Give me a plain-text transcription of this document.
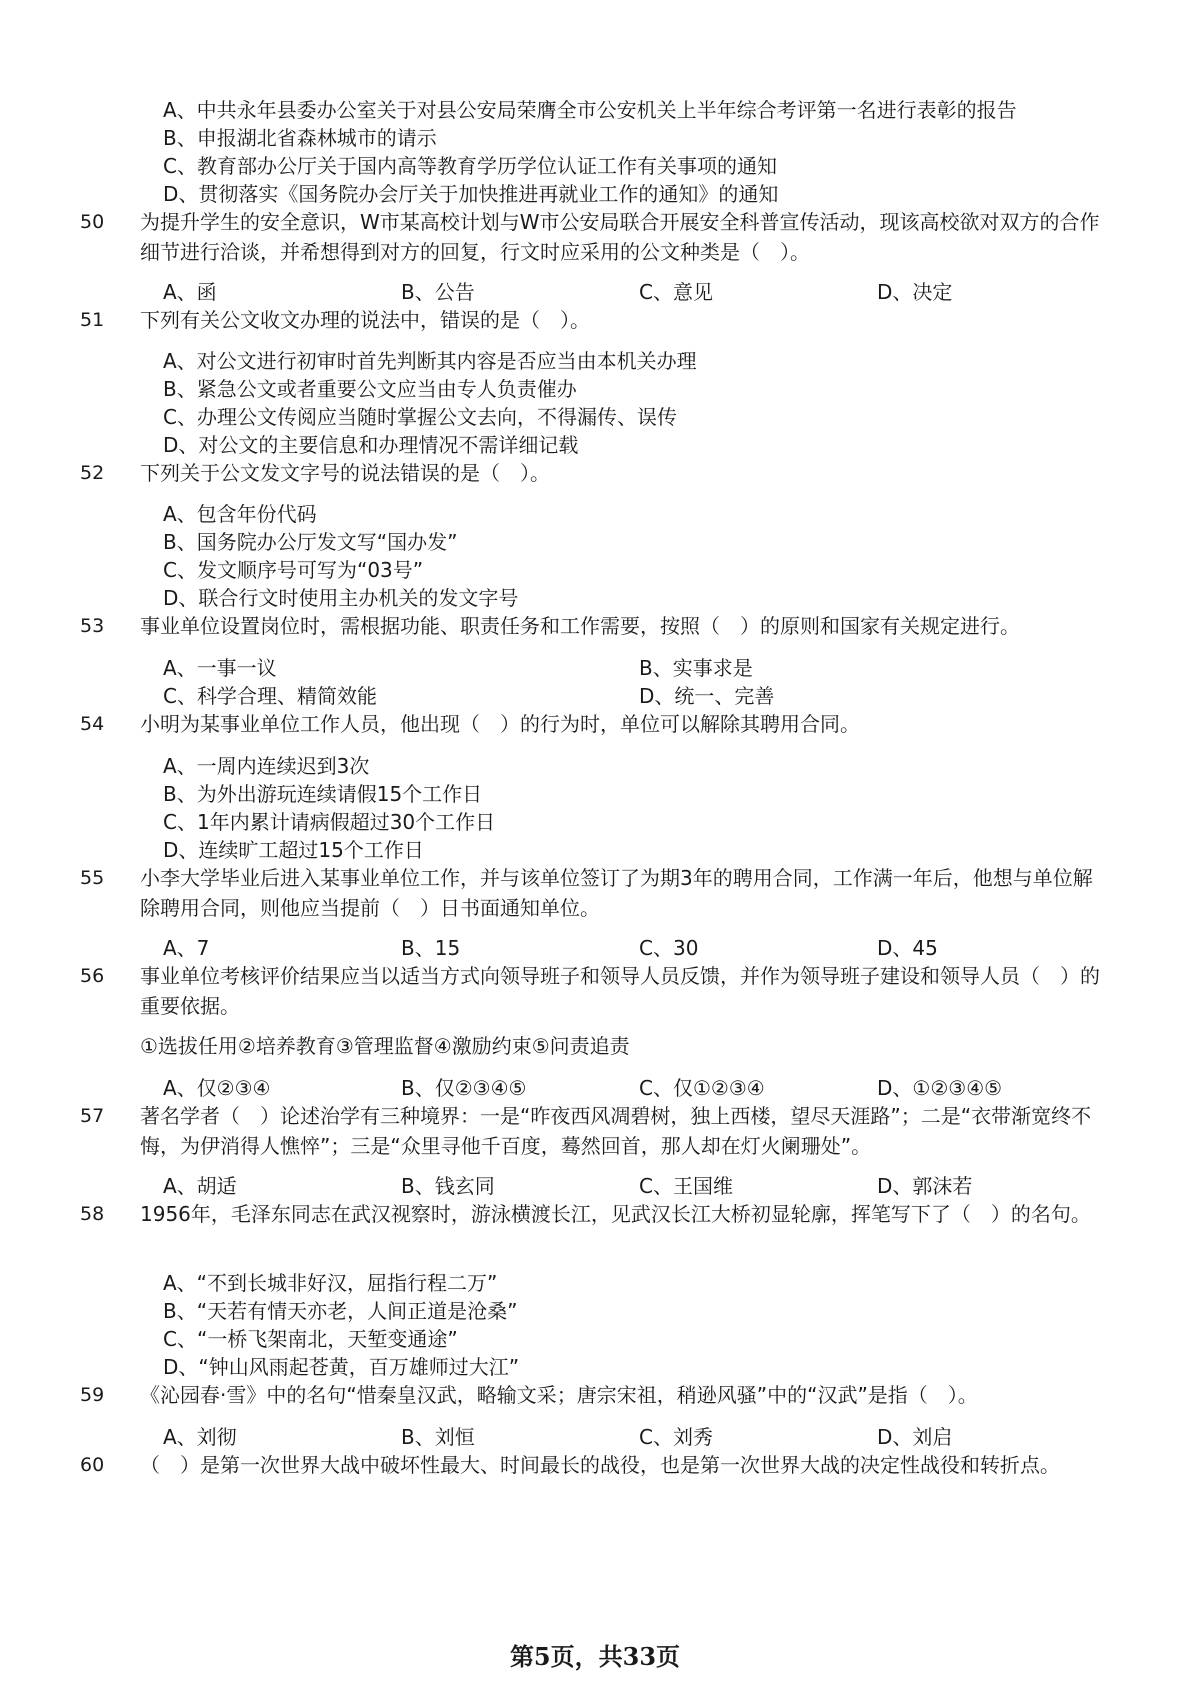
A、中共永年县委办公室关于对县公安局荣膺全市公安机关上半年综合考评第一名进行表彰的报告
B、申报湖北省森林城市的请示
C、教育部办公厅关于国内高等教育学历学位认证工作有关事项的通知
D、贯彻落实《国务院办会厅关于加快推进再就业工作的通知》的通知
50 为提升学生的安全意识，W市某高校计划与W市公安局联合开展安全科普宣传活动，现该高校欲对双方的合作细节进行洽谈，并希想得到对方的回复，行文时应采用的公文种类是（　）。
A、函	B、公告	C、意见	D、决定
51 下列有关公文收文办理的说法中，错误的是（　）。
A、对公文进行初审时首先判断其内容是否应当由本机关办理
B、紧急公文或者重要公文应当由专人负责催办
C、办理公文传阅应当随时掌握公文去向，不得漏传、误传
D、对公文的主要信息和办理情况不需详细记载
52 下列关于公文发文字号的说法错误的是（　）。
A、包含年份代码
B、国务院办公厅发文写“国办发”
C、发文顺序号可写为“03号”
D、联合行文时使用主办机关的发文字号
53 事业单位设置岗位时，需根据功能、职责任务和工作需要，按照（　）的原则和国家有关规定进行。
A、一事一议	B、实事求是
C、科学合理、精简效能	D、统一、完善
54 小明为某事业单位工作人员，他出现（　）的行为时，单位可以解除其聘用合同。
A、一周内连续迟到3次
B、为外出游玩连续请假15个工作日
C、1年内累计请病假超过30个工作日
D、连续旷工超过15个工作日
55 小李大学毕业后进入某事业单位工作，并与该单位签订了为期3年的聘用合同，工作满一年后，他想与单位解除聘用合同，则他应当提前（　）日书面通知单位。
A、7	B、15	C、30	D、45
56 事业单位考核评价结果应当以适当方式向领导班子和领导人员反馈，并作为领导班子建设和领导人员（　）的重要依据。
①选拔任用②培养教育③管理监督④激励约束⑤问责追责
A、仅②③④	B、仅②③④⑤	C、仅①②③④	D、①②③④⑤
57 著名学者（　）论述治学有三种境界：一是“昨夜西风凋碧树，独上西楼，望尽天涯路”；二是“衣带渐宽终不悔，为伊消得人憔悴”；三是“众里寻他千百度，蓦然回首，那人却在灯火阑珊处”。
A、胡适	B、钱玄同	C、王国维	D、郭沫若
58 1956年，毛泽东同志在武汉视察时，游泳横渡长江，见武汉长江大桥初显轮廓，挥笔写下了（　）的名句。
A、“不到长城非好汉，屈指行程二万”
B、“天若有情天亦老，人间正道是沧桑”
C、“一桥飞架南北，天堑变通途”
D、“钟山风雨起苍黄，百万雄师过大江”
59 《沁园春·雪》中的名句“惜秦皇汉武，略输文采；唐宗宋祖，稍逊风骚”中的“汉武”是指（　）。
A、刘彻	B、刘恒	C、刘秀	D、刘启
60 （　）是第一次世界大战中破坏性最大、时间最长的战役，也是第一次世界大战的决定性战役和转折点。
第5页，共33页
